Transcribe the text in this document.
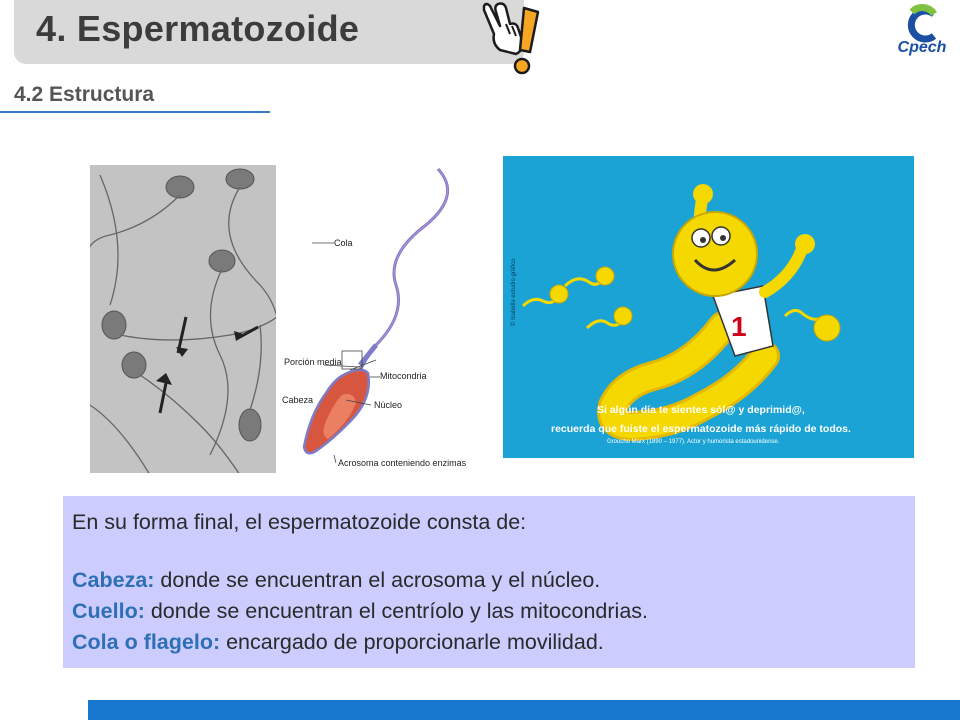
4. Espermatozoide	Cpech
4.2 Estructura
Cola
Porción media
Mitocondria
Cabeza	Núcleo
Acrosoma conteniendo enzimas
1
© Isabella estudio gráfico
Si algún día te sientes sól@ y deprimid@,
recuerda que fuiste el espermatozoide más rápido de todos.
Groucho Marx (1890 – 1977). Actor y humorista estadounidense.
En su forma final, el espermatozoide consta de:
Cabeza: donde se encuentran el acrosoma y el núcleo.
Cuello: donde se encuentran el centríolo y las mitocondrias.
Cola o flagelo: encargado de proporcionarle movilidad.
